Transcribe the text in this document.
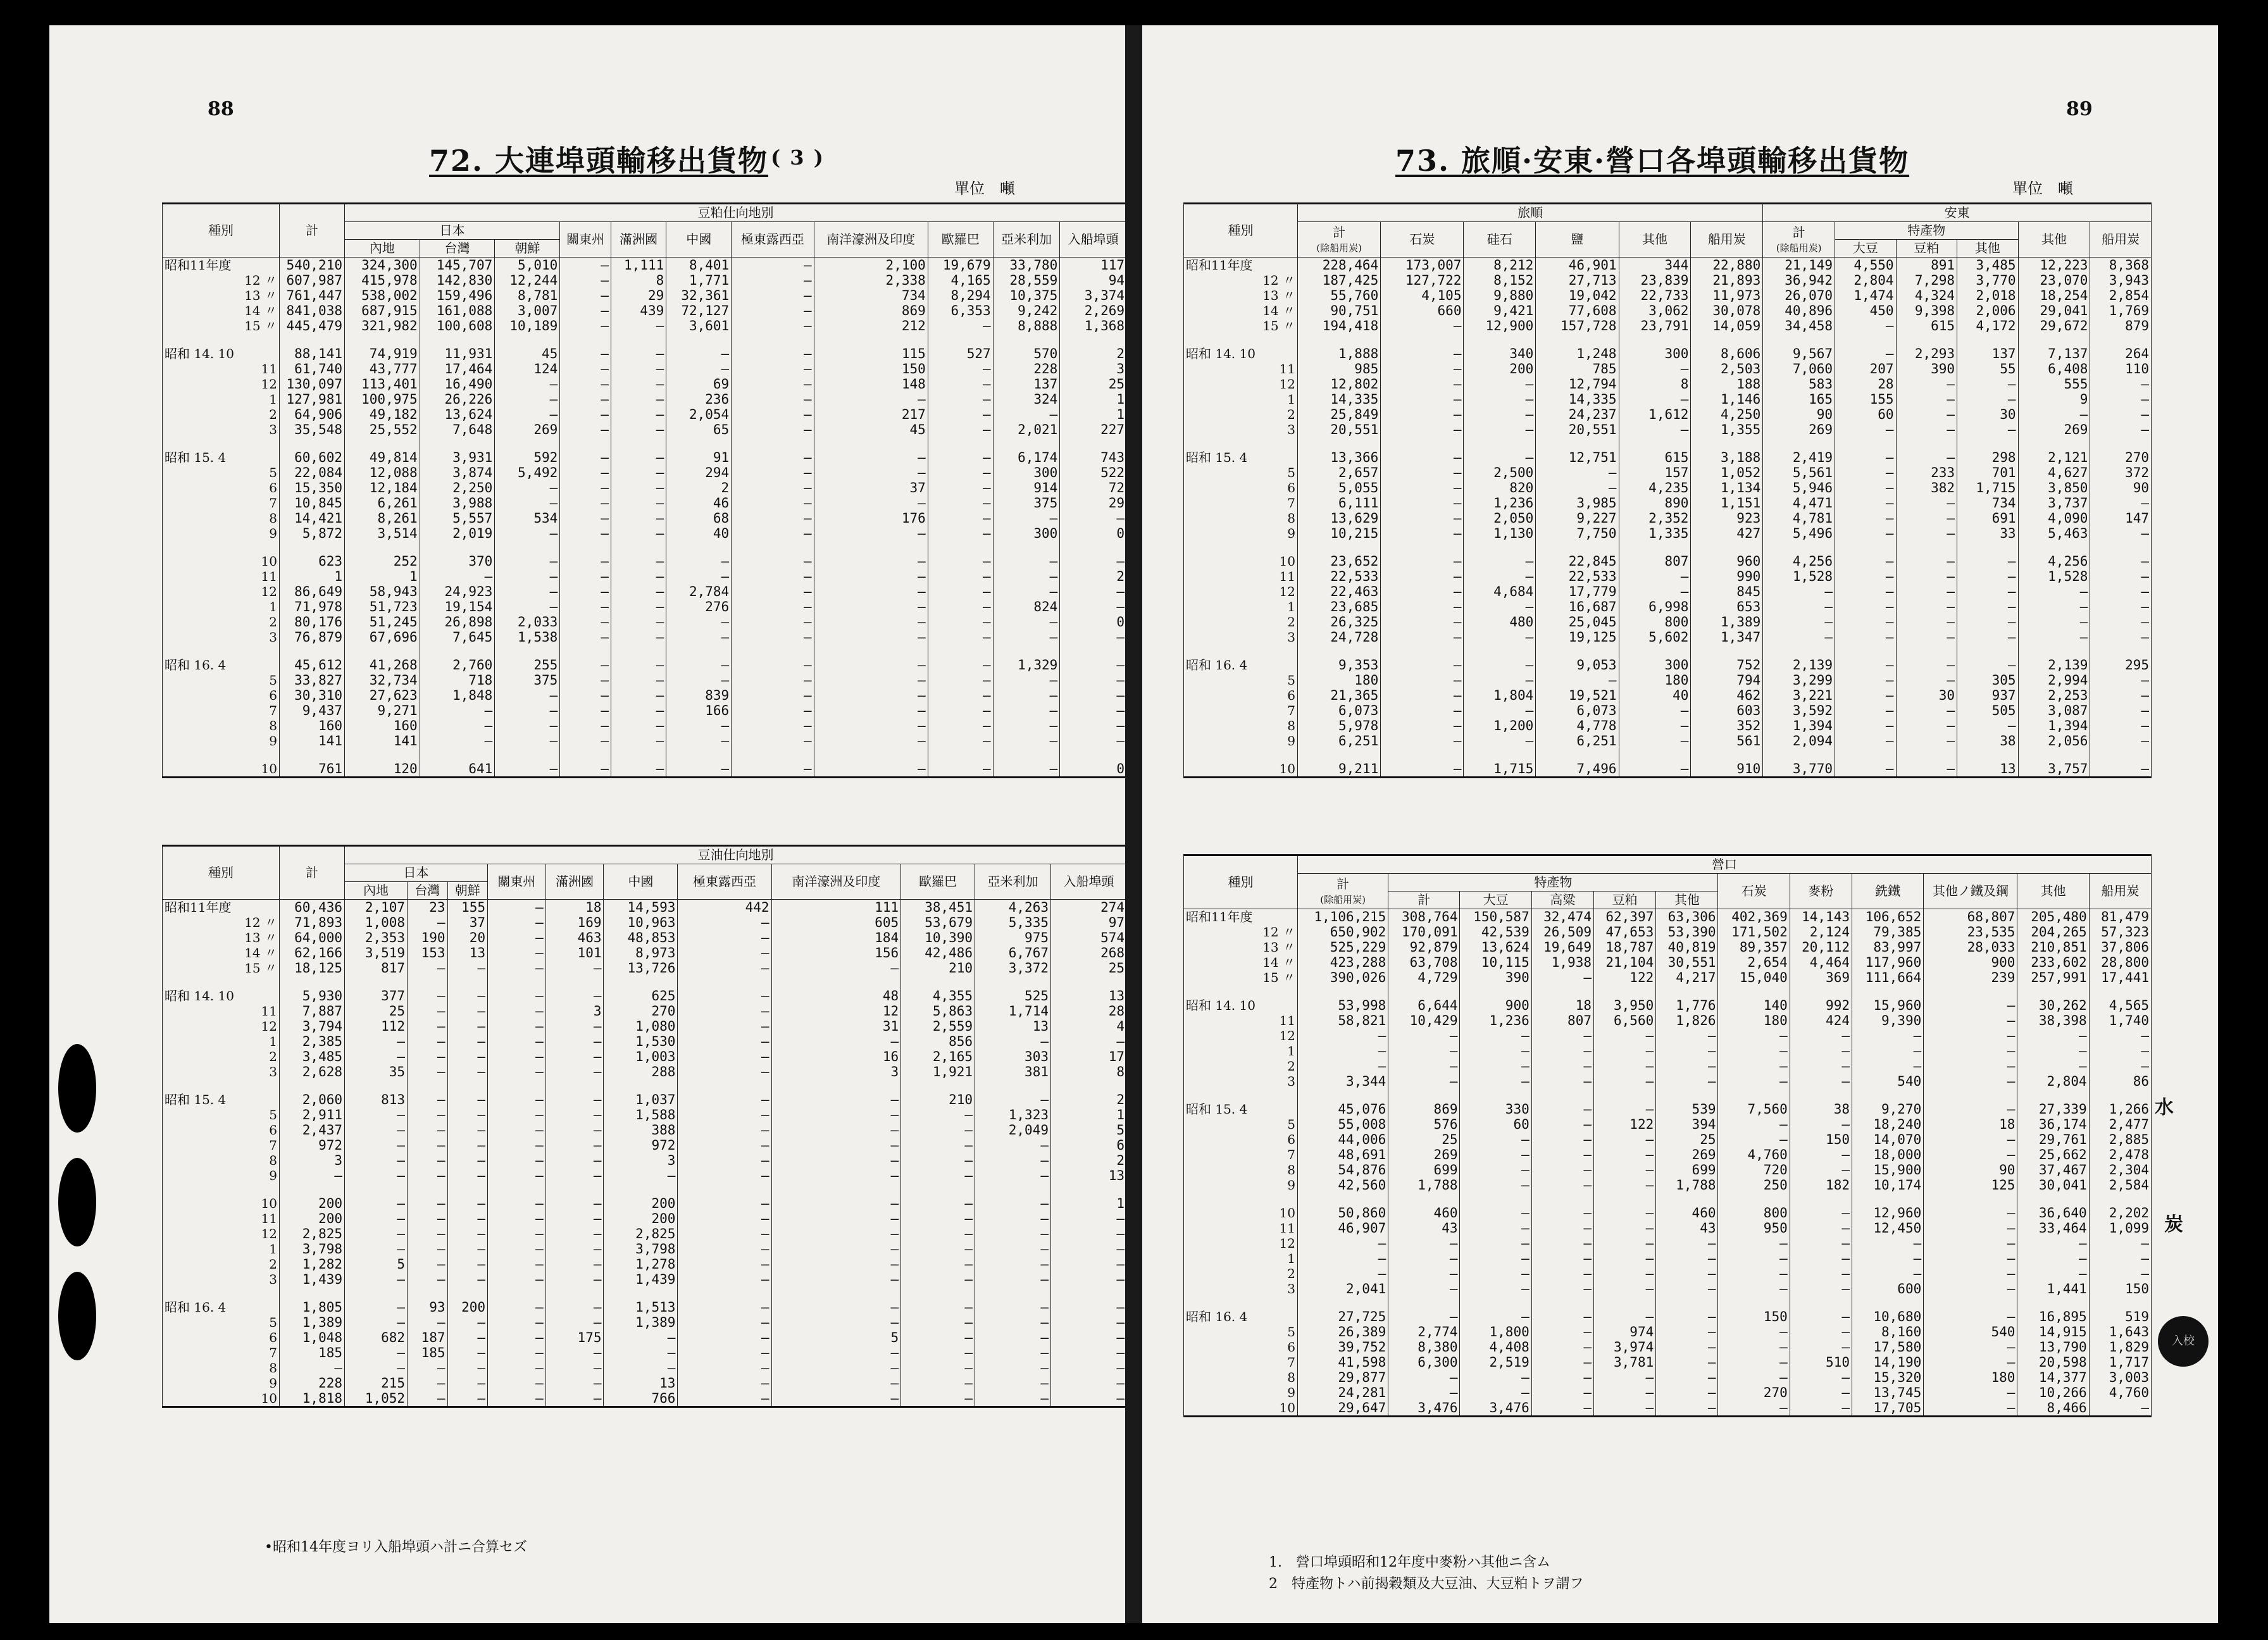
88
72. 大連埠頭輸移出貨物 ( 3 )
單位　噸
種別	計	豆粕仕向地別										
		日本			關東州	滿洲國	中國	極東露西亞	南洋濠洲及印度	歐羅巴	亞米利加	入船埠頭
		內地	台灣	朝鮮								
昭和11年度	540,210	324,300	145,707	5,010	—	1,111	8,401	—	2,100	19,679	33,780	117
12 〃	607,987	415,978	142,830	12,244	—	8	1,771	—	2,338	4,165	28,559	94
13 〃	761,447	538,002	159,496	8,781	—	29	32,361	—	734	8,294	10,375	3,374
14 〃	841,038	687,915	161,088	3,007	—	439	72,127	—	869	6,353	9,242	2,269
15 〃	445,479	321,982	100,608	10,189	—	—	3,601	—	212	—	8,888	1,368

昭和 14. 10	88,141	74,919	11,931	45	—	—	—	—	115	527	570	2
11	61,740	43,777	17,464	124	—	—	—	—	150	—	228	3
12	130,097	113,401	16,490	—	—	—	69	—	148	—	137	25
1	127,981	100,975	26,226	—	—	—	236	—	—	—	324	1
2	64,906	49,182	13,624	—	—	—	2,054	—	217	—	—	1
3	35,548	25,552	7,648	269	—	—	65	—	45	—	2,021	227

昭和 15. 4	60,602	49,814	3,931	592	—	—	91	—	—	—	6,174	743
5	22,084	12,088	3,874	5,492	—	—	294	—	—	—	300	522
6	15,350	12,184	2,250	—	—	—	2	—	37	—	914	72
7	10,845	6,261	3,988	—	—	—	46	—	—	—	375	29
8	14,421	8,261	5,557	534	—	—	68	—	176	—	—	—
9	5,872	3,514	2,019	—	—	—	40	—	—	—	300	0

10	623	252	370	—	—	—	—	—	—	—	—	—
11	1	1	—	—	—	—	—	—	—	—	—	2
12	86,649	58,943	24,923	—	—	—	2,784	—	—	—	—	—
1	71,978	51,723	19,154	—	—	—	276	—	—	—	824	—
2	80,176	51,245	26,898	2,033	—	—	—	—	—	—	—	0
3	76,879	67,696	7,645	1,538	—	—	—	—	—	—	—	—

昭和 16. 4	45,612	41,268	2,760	255	—	—	—	—	—	—	1,329	—
5	33,827	32,734	718	375	—	—	—	—	—	—	—	—
6	30,310	27,623	1,848	—	—	—	839	—	—	—	—	—
7	9,437	9,271	—	—	—	—	166	—	—	—	—	—
8	160	160	—	—	—	—	—	—	—	—	—	—
9	141	141	—	—	—	—	—	—	—	—	—	—

10	761	120	641	—	—	—	—	—	—	—	—	0
種別	計	豆油仕向地別										
		日本			關東州	滿洲國	中國	極東露西亞	南洋濠洲及印度	歐羅巴	亞米利加	入船埠頭
		內地	台灣	朝鮮								
昭和11年度	60,436	2,107	23	155	—	18	14,593	442	111	38,451	4,263	274
12 〃	71,893	1,008	—	37	—	169	10,963	—	605	53,679	5,335	97
13 〃	64,000	2,353	190	20	—	463	48,853	—	184	10,390	975	574
14 〃	62,166	3,519	153	13	—	101	8,973	—	156	42,486	6,767	268
15 〃	18,125	817	—	—	—	—	13,726	—	—	210	3,372	25

昭和 14. 10	5,930	377	—	—	—	—	625	—	48	4,355	525	13
11	7,887	25	—	—	—	3	270	—	12	5,863	1,714	28
12	3,794	112	—	—	—	—	1,080	—	31	2,559	13	4
1	2,385	—	—	—	—	—	1,530	—	—	856	—	—
2	3,485	—	—	—	—	—	1,003	—	16	2,165	303	17
3	2,628	35	—	—	—	—	288	—	3	1,921	381	8

昭和 15. 4	2,060	813	—	—	—	—	1,037	—	—	210	—	2
5	2,911	—	—	—	—	—	1,588	—	—	—	1,323	1
6	2,437	—	—	—	—	—	388	—	—	—	2,049	5
7	972	—	—	—	—	—	972	—	—	—	—	6
8	3	—	—	—	—	—	3	—	—	—	—	2
9	—	—	—	—	—	—	—	—	—	—	—	13

10	200	—	—	—	—	—	200	—	—	—	—	1
11	200	—	—	—	—	—	200	—	—	—	—	—
12	2,825	—	—	—	—	—	2,825	—	—	—	—	—
1	3,798	—	—	—	—	—	3,798	—	—	—	—	—
2	1,282	5	—	—	—	—	1,278	—	—	—	—	—
3	1,439	—	—	—	—	—	1,439	—	—	—	—	—

昭和 16. 4	1,805	—	93	200	—	—	1,513	—	—	—	—	—
5	1,389	—	—	—	—	—	1,389	—	—	—	—	—
6	1,048	682	187	—	—	175	—	—	5	—	—	—
7	185	—	185	—	—	—	—	—	—	—	—	—
8	—	—	—	—	—	—	—	—	—	—	—	—
9	228	215	—	—	—	—	13	—	—	—	—	—
10	1,818	1,052	—	—	—	—	766	—	—	—	—	—
•昭和14年度ヨリ入船埠頭ハ計ニ合算セズ
89
73. 旅順·安東·營口各埠頭輸移出貨物
單位　噸
種別	旅順						安東					
	計
(除船用炭)	石炭	硅石	鹽	其他	船用炭	計
(除船用炭)	特產物			其他	船用炭
								大豆	豆粕	其他		
昭和11年度	228,464	173,007	8,212	46,901	344	22,880	21,149	4,550	891	3,485	12,223	8,368
12 〃	187,425	127,722	8,152	27,713	23,839	21,893	36,942	2,804	7,298	3,770	23,070	3,943
13 〃	55,760	4,105	9,880	19,042	22,733	11,973	26,070	1,474	4,324	2,018	18,254	2,854
14 〃	90,751	660	9,421	77,608	3,062	30,078	40,896	450	9,398	2,006	29,041	1,769
15 〃	194,418	—	12,900	157,728	23,791	14,059	34,458	—	615	4,172	29,672	879

昭和 14. 10	1,888	—	340	1,248	300	8,606	9,567	—	2,293	137	7,137	264
11	985	—	200	785	—	2,503	7,060	207	390	55	6,408	110
12	12,802	—	—	12,794	8	188	583	28	—	—	555	—
1	14,335	—	—	14,335	—	1,146	165	155	—	—	9	—
2	25,849	—	—	24,237	1,612	4,250	90	60	—	30	—	—
3	20,551	—	—	20,551	—	1,355	269	—	—	—	269	—

昭和 15. 4	13,366	—	—	12,751	615	3,188	2,419	—	—	298	2,121	270
5	2,657	—	2,500	—	157	1,052	5,561	—	233	701	4,627	372
6	5,055	—	820	—	4,235	1,134	5,946	—	382	1,715	3,850	90
7	6,111	—	1,236	3,985	890	1,151	4,471	—	—	734	3,737	—
8	13,629	—	2,050	9,227	2,352	923	4,781	—	—	691	4,090	147
9	10,215	—	1,130	7,750	1,335	427	5,496	—	—	33	5,463	—

10	23,652	—	—	22,845	807	960	4,256	—	—	—	4,256	—
11	22,533	—	—	22,533	—	990	1,528	—	—	—	1,528	—
12	22,463	—	4,684	17,779	—	845	—	—	—	—	—	—
1	23,685	—	—	16,687	6,998	653	—	—	—	—	—	—
2	26,325	—	480	25,045	800	1,389	—	—	—	—	—	—
3	24,728	—	—	19,125	5,602	1,347	—	—	—	—	—	—

昭和 16. 4	9,353	—	—	9,053	300	752	2,139	—	—	—	2,139	295
5	180	—	—	—	180	794	3,299	—	—	305	2,994	—
6	21,365	—	1,804	19,521	40	462	3,221	—	30	937	2,253	—
7	6,073	—	—	6,073	—	603	3,592	—	—	505	3,087	—
8	5,978	—	1,200	4,778	—	352	1,394	—	—	—	1,394	—
9	6,251	—	—	6,251	—	561	2,094	—	—	38	2,056	—

10	9,211	—	1,715	7,496	—	910	3,770	—	—	13	3,757	—
種別	營口											
	計
(除船用炭)	特產物					石炭	麥粉	銑鐵	其他ノ鐵及鋼	其他	船用炭
		計	大豆	高粱	豆粕	其他						
昭和11年度	1,106,215	308,764	150,587	32,474	62,397	63,306	402,369	14,143	106,652	68,807	205,480	81,479
12 〃	650,902	170,091	42,539	26,509	47,653	53,390	171,502	2,124	79,385	23,535	204,265	57,323
13 〃	525,229	92,879	13,624	19,649	18,787	40,819	89,357	20,112	83,997	28,033	210,851	37,806
14 〃	423,288	63,708	10,115	1,938	21,104	30,551	2,654	4,464	117,960	900	233,602	28,800
15 〃	390,026	4,729	390	—	122	4,217	15,040	369	111,664	239	257,991	17,441

昭和 14. 10	53,998	6,644	900	18	3,950	1,776	140	992	15,960	—	30,262	4,565
11	58,821	10,429	1,236	807	6,560	1,826	180	424	9,390	—	38,398	1,740
12	—	—	—	—	—	—	—	—	—	—	—	—
1	—	—	—	—	—	—	—	—	—	—	—	—
2	—	—	—	—	—	—	—	—	—	—	—	—
3	3,344	—	—	—	—	—	—	—	540	—	2,804	86

昭和 15. 4	45,076	869	330	—	—	539	7,560	38	9,270	—	27,339	1,266
5	55,008	576	60	—	122	394	—	—	18,240	18	36,174	2,477
6	44,006	25	—	—	—	25	—	150	14,070	—	29,761	2,885
7	48,691	269	—	—	—	269	4,760	—	18,000	—	25,662	2,478
8	54,876	699	—	—	—	699	720	—	15,900	90	37,467	2,304
9	42,560	1,788	—	—	—	1,788	250	182	10,174	125	30,041	2,584

10	50,860	460	—	—	—	460	800	—	12,960	—	36,640	2,202
11	46,907	43	—	—	—	43	950	—	12,450	—	33,464	1,099
12	—	—	—	—	—	—	—	—	—	—	—	—
1	—	—	—	—	—	—	—	—	—	—	—	—
2	—	—	—	—	—	—	—	—	—	—	—	—
3	2,041	—	—	—	—	—	—	—	600	—	1,441	150

昭和 16. 4	27,725	—	—	—	—	—	150	—	10,680	—	16,895	519
5	26,389	2,774	1,800	—	974	—	—	—	8,160	540	14,915	1,643
6	39,752	8,380	4,408	—	3,974	—	—	—	17,580	—	13,790	1,829
7	41,598	6,300	2,519	—	3,781	—	—	510	14,190	—	20,598	1,717
8	29,877	—	—	—	—	—	—	—	15,320	180	14,377	3,003
9	24,281	—	—	—	—	—	270	—	13,745	—	10,266	4,760
10	29,647	3,476	3,476	—	—	—	—	—	17,705	—	8,466	—
1.　營口埠頭昭和12年度中麥粉ハ其他ニ含ム
2　特產物トハ前揭穀類及大豆油、大豆粕トヲ謂フ
水
炭
入校
